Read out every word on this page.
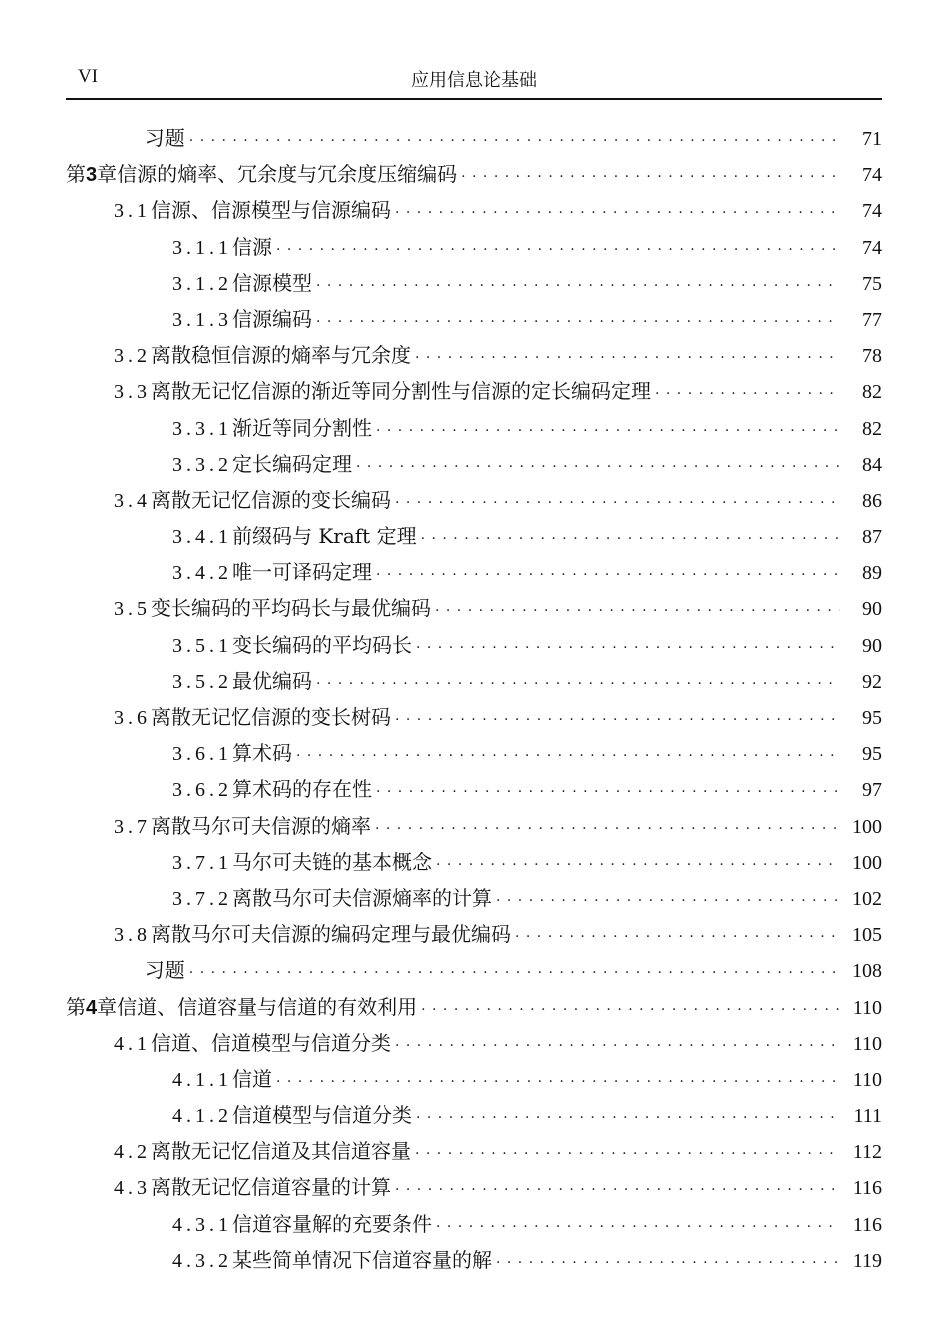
VI	应用信息论基础
习题 · · ·	71
第3章 信源的熵率、冗余度与冗余度压缩编码 · · ·	74
3.1 信源、信源模型与信源编码 · · ·	74
3.1.1 信源 · · ·	74
3.1.2 信源模型 · · ·	75
3.1.3 信源编码 · · ·	77
3.2 离散稳恒信源的熵率与冗余度 · · ·	78
3.3 离散无记忆信源的渐近等同分割性与信源的定长编码定理 · · ·	82
3.3.1 渐近等同分割性 · · ·	82
3.3.2 定长编码定理 · · ·	84
3.4 离散无记忆信源的变长编码 · · ·	86
3.4.1 前缀码与 Kraft 定理 · · ·	87
3.4.2 唯一可译码定理 · · ·	89
3.5 变长编码的平均码长与最优编码 · · ·	90
3.5.1 变长编码的平均码长 · · ·	90
3.5.2 最优编码 · · ·	92
3.6 离散无记忆信源的变长树码 · · ·	95
3.6.1 算术码 · · ·	95
3.6.2 算术码的存在性 · · ·	97
3.7 离散马尔可夫信源的熵率 · · ·	100
3.7.1 马尔可夫链的基本概念 · · ·	100
3.7.2 离散马尔可夫信源熵率的计算 · · ·	102
3.8 离散马尔可夫信源的编码定理与最优编码 · · ·	105
习题 · · ·	108
第4章 信道、信道容量与信道的有效利用 · · ·	110
4.1 信道、信道模型与信道分类 · · ·	110
4.1.1 信道 · · ·	110
4.1.2 信道模型与信道分类 · · ·	111
4.2 离散无记忆信道及其信道容量 · · ·	112
4.3 离散无记忆信道容量的计算 · · ·	116
4.3.1 信道容量解的充要条件 · · ·	116
4.3.2 某些简单情况下信道容量的解 · · ·	119
